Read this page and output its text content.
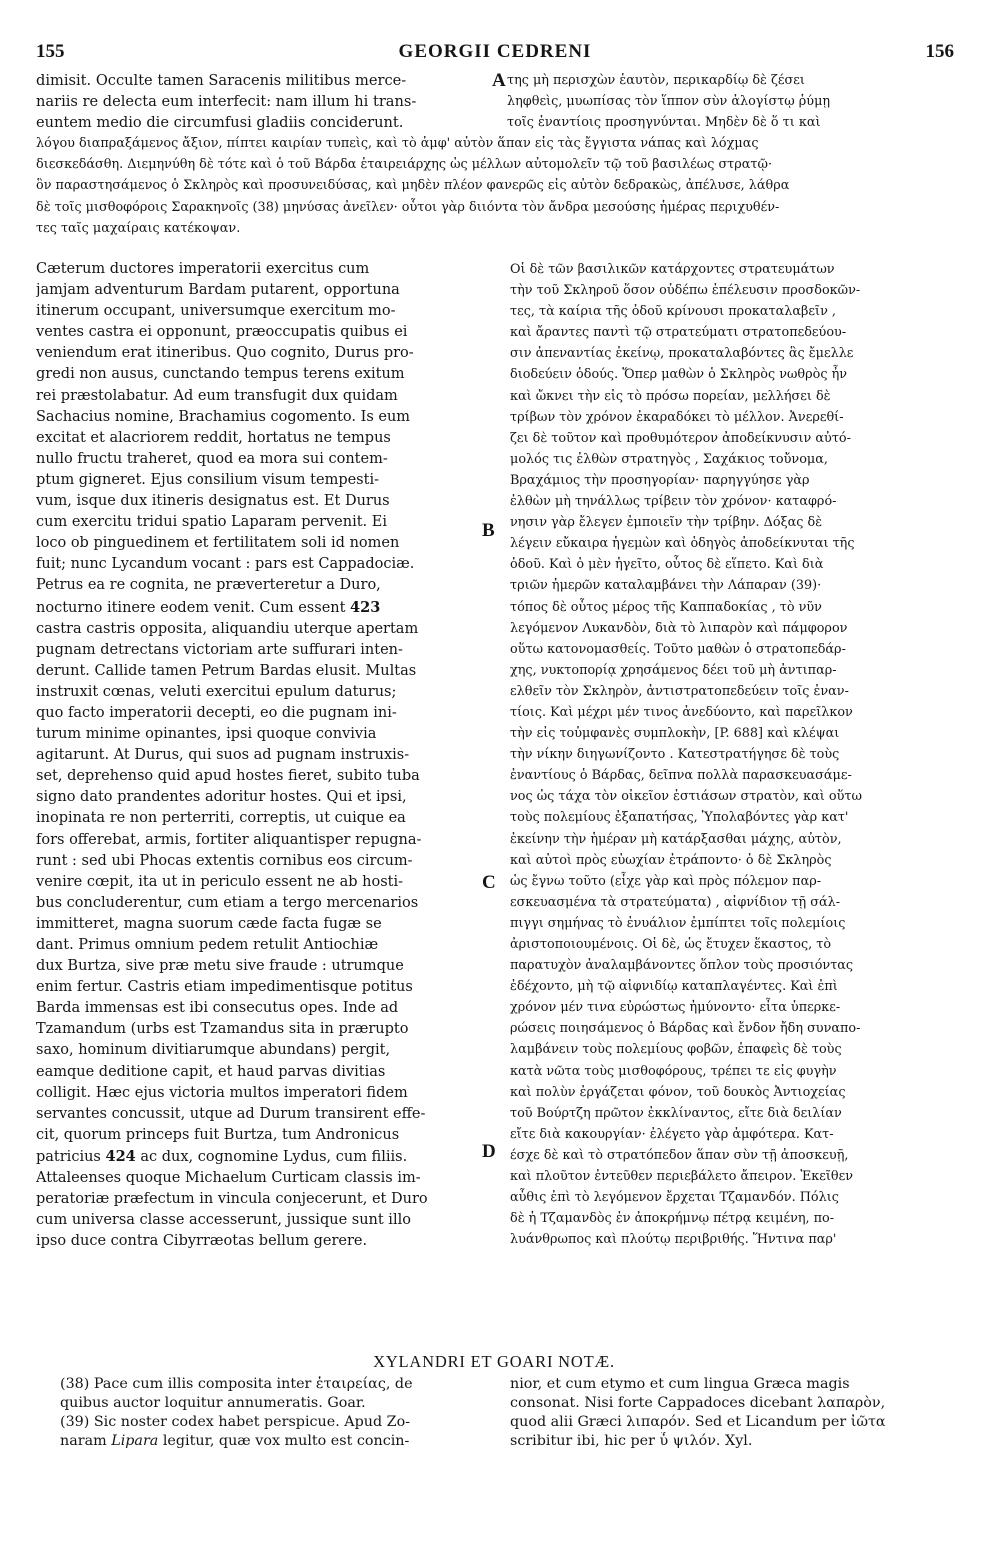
155	GEORGII CEDRENI	156
A
B
C
D
dimisit. Occulte tamen Saracenis militibus merce-
nariis re delecta eum interfecit: nam illum hi trans-
euntem medio die circumfusi gladiis conciderunt.
της μὴ περισχὼν ἑαυτὸν, περικαρδίῳ δὲ ζέσει
ληφθεὶς, μυωπίσας τὸν ἵππον σὺν ἀλογίστῳ ῥύμῃ
τοῖς ἐναντίοις προσηγνύνται. Μηδὲν δὲ ὅ τι καὶ
λόγου διαπραξάμενος ἄξιον, πίπτει καιρίαν τυπεὶς, καὶ τὸ ἀμφ' αὐτὸν ἅπαν εἰς τὰς ἔγγιστα νάπας καὶ λόχμας
διεσκεδάσθη. Διεμηνύθη δὲ τότε καὶ ὁ τοῦ Βάρδα ἑταιρειάρχης ὡς μέλλων αὐτομολεῖν τῷ τοῦ βασιλέως στρατῷ·
ὃν παραστησάμενος ὁ Σκληρὸς καὶ προσυνειδύσας, καὶ μηδὲν πλέον φανερῶς εἰς αὐτὸν δεδρακὼς, ἀπέλυσε, λάθρα
δὲ τοῖς μισθοφόροις Σαρακηνοῖς (38) μηνύσας ἀνεῖλεν· οὗτοι γὰρ διιόντα τὸν ἄνδρα μεσούσης ἡμέρας περιχυθέν-
τες ταῖς μαχαίραις κατέκοψαν.
Cæterum ductores imperatorii exercitus cum
jamjam adventurum Bardam putarent, opportuna
itinerum occupant, universumque exercitum mo-
ventes castra ei opponunt, præoccupatis quibus ei
veniendum erat itineribus. Quo cognito, Durus pro-
gredi non ausus, cunctando tempus terens exitum
rei præstolabatur. Ad eum transfugit dux quidam
Sachacius nomine, Brachamius cogomento. Is eum
excitat et alacriorem reddit, hortatus ne tempus
nullo fructu traheret, quod ea mora sui contem-
ptum gigneret. Ejus consilium visum tempesti-
vum, isque dux itineris designatus est. Et Durus
cum exercitu tridui spatio Laparam pervenit. Ei
loco ob pinguedinem et fertilitatem soli id nomen
fuit; nunc Lycandum vocant : pars est Cappadociæ.
Petrus ea re cognita, ne præverteretur a Duro,
nocturno itinere eodem venit. Cum essent 423
castra castris opposita, aliquandiu uterque apertam
pugnam detrectans victoriam arte suffurari inten-
derunt. Callide tamen Petrum Bardas elusit. Multas
instruxit cœnas, veluti exercitui epulum daturus;
quo facto imperatorii decepti, eo die pugnam ini-
turum minime opinantes, ipsi quoque convivia
agitarunt. At Durus, qui suos ad pugnam instruxis-
set, deprehenso quid apud hostes fieret, subito tuba
signo dato prandentes adoritur hostes. Qui et ipsi,
inopinata re non perterriti, correptis, ut cuique ea
fors offerebat, armis, fortiter aliquantisper repugna-
runt : sed ubi Phocas extentis cornibus eos circum-
venire cœpit, ita ut in periculo essent ne ab hosti-
bus concluderentur, cum etiam a tergo mercenarios
immitteret, magna suorum cæde facta fugæ se
dant. Primus omnium pedem retulit Antiochiæ
dux Burtza, sive præ metu sive fraude : utrumque
enim fertur. Castris etiam impedimentisque potitus
Barda immensas est ibi consecutus opes. Inde ad
Tzamandum (urbs est Tzamandus sita in prærupto
saxo, hominum divitiarumque abundans) pergit,
eamque deditione capit, et haud parvas divitias
colligit. Hæc ejus victoria multos imperatori fidem
servantes concussit, utque ad Durum transirent effe-
cit, quorum princeps fuit Burtza, tum Andronicus
patricius 424 ac dux, cognomine Lydus, cum filiis.
Attaleenses quoque Michaelum Curticam classis im-
peratoriæ præfectum in vincula conjecerunt, et Duro
cum universa classe accesserunt, jussique sunt illo
ipso duce contra Cibyrræotas bellum gerere.
Οἱ δὲ τῶν βασιλικῶν κατάρχοντες στρατευμάτων
τὴν τοῦ Σκληροῦ ὅσον οὐδέπω ἐπέλευσιν προσδοκῶν-
τες, τὰ καίρια τῆς ὁδοῦ κρίνουσι προκαταλαβεῖν ,
καὶ ἄραντες παντὶ τῷ στρατεύματι στρατοπεδεύου-
σιν ἀπεναντίας ἐκείνῳ, προκαταλαβόντες ἃς ἔμελλε
διοδεύειν ὁδούς. Ὅπερ μαθὼν ὁ Σκληρὸς νωθρὸς ἦν
καὶ ὤκνει τὴν εἰς τὸ πρόσω πορείαν, μελλήσει δὲ
τρίβων τὸν χρόνον ἐκαραδόκει τὸ μέλλον. Ἀνερεθί-
ζει δὲ τοῦτον καὶ προθυμότερον ἀποδείκνυσιν αὐτό-
μολός τις ἐλθὼν στρατηγὸς , Σαχάκιος τοὔνομα,
Βραχάμιος τὴν προσηγορίαν· παρηγγύησε γὰρ
ἐλθὼν μὴ τηνάλλως τρίβειν τὸν χρόνον· καταφρό-
νησιν γὰρ ἔλεγεν ἐμποιεῖν τὴν τρίβην. Δόξας δὲ
λέγειν εὔκαιρα ἡγεμὼν καὶ ὁδηγὸς ἀποδείκνυται τῆς
ὁδοῦ. Καὶ ὁ μὲν ἡγεῖτο, οὗτος δὲ εἵπετο. Καὶ διὰ
τριῶν ἡμερῶν καταλαμβάνει τὴν Λάπαραν (39)·
τόπος δὲ οὗτος μέρος τῆς Καππαδοκίας , τὸ νῦν
λεγόμενον Λυκανδὸν, διὰ τὸ λιπαρὸν καὶ πάμφορον
οὕτω κατονομασθείς. Τοῦτο μαθὼν ὁ στρατοπεδάρ-
χης, νυκτοπορίᾳ χρησάμενος δέει τοῦ μὴ ἀντιπαρ-
ελθεῖν τὸν Σκληρὸν, ἀντιστρατοπεδεύειν τοῖς ἐναν-
τίοις. Καὶ μέχρι μέν τινος ἀνεδύοντο, καὶ παρεῖλκον
τὴν εἰς τοὐμφανὲς συμπλοκὴν, [P. 688] καὶ κλέψαι
τὴν νίκην διηγωνίζοντο . Κατεστρατήγησε δὲ τοὺς
ἐναντίους ὁ Βάρδας, δεῖπνα πολλὰ παρασκευασάμε-
νος ὡς τάχα τὸν οἰκεῖον ἑστιάσων στρατὸν, καὶ οὕτω
τοὺς πολεμίους ἐξαπατήσας, Ὑπολαβόντες γὰρ κατ'
ἐκείνην τὴν ἡμέραν μὴ κατάρξασθαι μάχης, αὐτὸν,
καὶ αὐτοὶ πρὸς εὐωχίαν ἐτράποντο· ὁ δὲ Σκληρὸς
ὡς ἔγνω τοῦτο (εἶχε γὰρ καὶ πρὸς πόλεμον παρ-
εσκευασμένα τὰ στρατεύματα) , αἰφνίδιον τῇ σάλ-
πιγγι σημήνας τὸ ἐνυάλιον ἐμπίπτει τοῖς πολεμίοις
ἀριστοποιουμένοις. Οἱ δὲ, ὡς ἔτυχεν ἕκαστος, τὸ
παρατυχὸν ἀναλαμβάνοντες ὅπλον τοὺς προσιόντας
ἐδέχοντο, μὴ τῷ αἰφνιδίῳ καταπλαγέντες. Καὶ ἐπὶ
χρόνον μέν τινα εὐρώστως ἠμύνοντο· εἶτα ὑπερκε-
ρώσεις ποιησάμενος ὁ Βάρδας καὶ ἔνδον ἤδη συναπο-
λαμβάνειν τοὺς πολεμίους φοβῶν, ἐπαφεὶς δὲ τοὺς
κατὰ νῶτα τοὺς μισθοφόρους, τρέπει τε εἰς φυγὴν
καὶ πολὺν ἐργάζεται φόνον, τοῦ δουκὸς Ἀντιοχείας
τοῦ Βούρτζη πρῶτον ἐκκλίναντος, εἴτε διὰ δειλίαν
εἴτε διὰ κακουργίαν· ἐλέγετο γὰρ ἀμφότερα. Κατ-
έσχε δὲ καὶ τὸ στρατόπεδον ἅπαν σὺν τῇ ἀποσκευῇ,
καὶ πλοῦτον ἐντεῦθεν περιεβάλετο ἄπειρον. Ἐκεῖθεν
αὖθις ἐπὶ τὸ λεγόμενον ἔρχεται Τζαμανδόν. Πόλις
δὲ ἡ Τζαμανδὸς ἐν ἀποκρήμνῳ πέτρᾳ κειμένη, πο-
λυάνθρωπος καὶ πλούτῳ περιβριθής. Ἥντινα παρ'
XYLANDRI ET GOARI NOTÆ.
(38) Pace cum illis composita inter ἑταιρείας, de
quibus auctor loquitur annumeratis. Goar.
(39) Sic noster codex habet perspicue. Apud Zo-
naram Lipara legitur, quæ vox multo est concin-
nior, et cum etymo et cum lingua Græca magis
consonat. Nisi forte Cappadoces dicebant λαπαρὸν,
quod alii Græci λιπαρόν. Sed et Licandum per ἰῶτα
scribitur ibi, hic per ὖ ψιλόν. Xyl.
